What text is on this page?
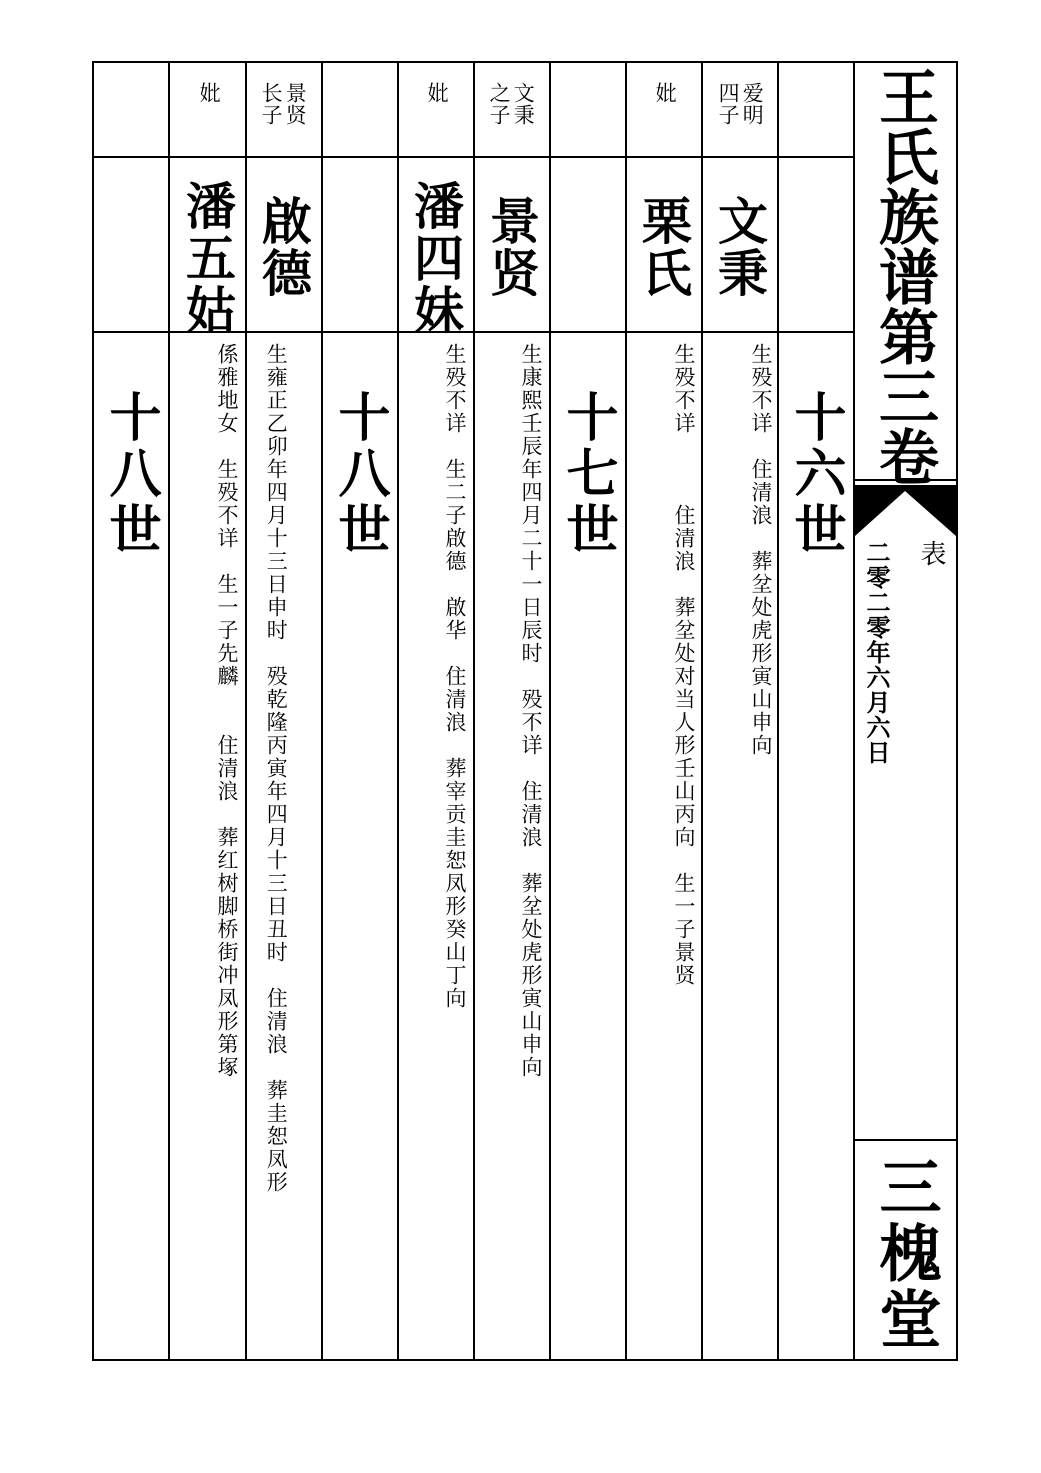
王氏族谱第三卷
表
二零二零年六月六日
三槐堂
十六世
十七世
十八世
十八世
爱明
四子
文秉
生殁不详　住清浪　葬坌处虎形寅山申向
妣
栗氏
生殁不详　　　住清浪　葬坌处对当人形壬山丙向　生一子景贤
文秉
之子
景贤
生康熙壬辰年四月二十一日辰时　殁不详　住清浪　葬坌处虎形寅山申向
妣
潘四妹
生殁不详　生二子啟德　啟华　住清浪　葬宰贡圭恕凤形癸山丁向
景贤
长子
啟德
生雍正乙卯年四月十三日申时　殁乾隆丙寅年四月十三日丑时　住清浪　葬圭恕凤形
妣
潘五姑
係雅地女　生殁不详　生一子先麟　　住清浪　葬红树脚桥街冲凤形第塚
